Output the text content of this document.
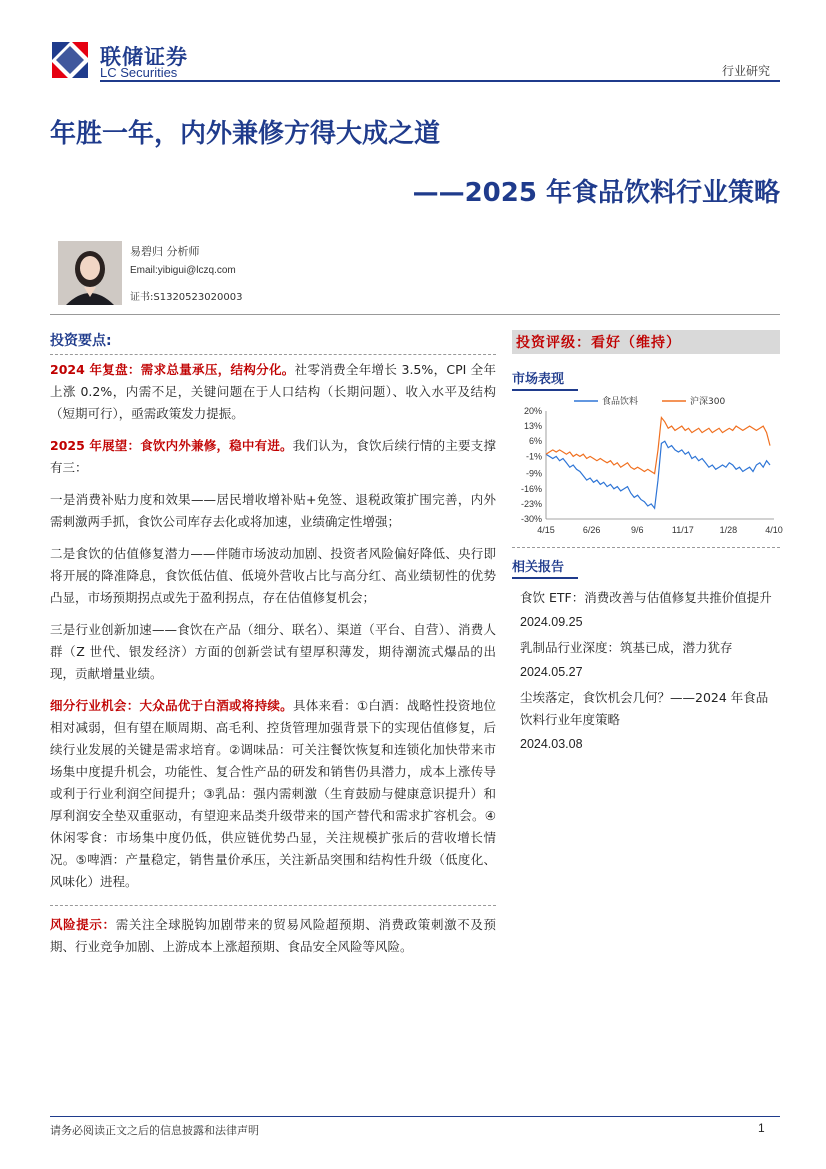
联储证券
LC Securities	行业研究
年胜一年，内外兼修方得大成之道
——2025 年食品饮料行业策略
易碧归 分析师
Email:yibigui@lczq.com
证书:S1320523020003
投资要点:

2024 年复盘：需求总量承压，结构分化。社零消费全年增长 3.5%，CPI 全年上涨 0.2%，内需不足，关键问题在于人口结构（长期问题）、收入水平及结构（短期可行），亟需政策发力提振。

2025 年展望：食饮内外兼修，稳中有进。我们认为，食饮后续行情的主要支撑有三：

一是消费补贴力度和效果——居民增收增补贴+免签、退税政策扩围完善，内外需刺激两手抓，食饮公司库存去化或将加速，业绩确定性增强；

二是食饮的估值修复潜力——伴随市场波动加剧、投资者风险偏好降低、央行即将开展的降准降息，食饮低估值、低境外营收占比与高分红、高业绩韧性的优势凸显，市场预期拐点或先于盈利拐点，存在估值修复机会；

三是行业创新加速——食饮在产品（细分、联名）、渠道（平台、自营）、消费人群（Z 世代、银发经济）方面的创新尝试有望厚积薄发，期待潮流式爆品的出现，贡献增量业绩。

细分行业机会：大众品优于白酒或将持续。具体来看：①白酒：战略性投资地位相对减弱，但有望在顺周期、高毛利、控货管理加强背景下的实现估值修复，后续行业发展的关键是需求培育。②调味品：可关注餐饮恢复和连锁化加快带来市场集中度提升机会，功能性、复合性产品的研发和销售仍具潜力，成本上涨传导或利于行业利润空间提升；③乳品：强内需刺激（生育鼓励与健康意识提升）和厚利润安全垫双重驱动，有望迎来品类升级带来的国产替代和需求扩容机会。④休闲零食：市场集中度仍低，供应链优势凸显，关注规模扩张后的营收增长情况。⑤啤酒：产量稳定，销售量价承压，关注新品突围和结构性升级（低度化、风味化）进程。

风险提示：需关注全球脱钩加剧带来的贸易风险超预期、消费政策刺激不及预期、行业竞争加剧、上游成本上涨超预期、食品安全风险等风险。

投资评级：看好（维持）
市场表现
20%
13%
6%
-1%
-9%
-16%
-23%
-30%
4/15	6/26	9/6	11/17	1/28	4/10
食品饮料	沪深300
相关报告
食饮 ETF：消费改善与估值修复共推价值提升
2024.09.25
乳制品行业深度：筑基已成，潜力犹存
2024.05.27
尘埃落定，食饮机会几何？——2024 年食品饮料行业年度策略
2024.03.08
请务必阅读正文之后的信息披露和法律声明	1
